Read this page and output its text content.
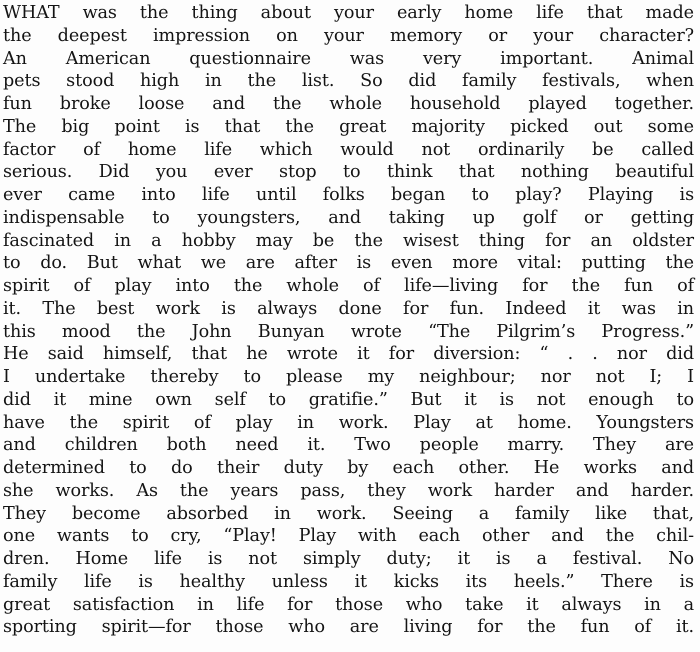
WHAT was the thing about your early home life that made
the deepest impression on your memory or your character?
An American questionnaire was very important. Animal
pets stood high in the list. So did family festivals, when
fun broke loose and the whole household played together.
The big point is that the great majority picked out some
factor of home life which would not ordinarily be called
serious. Did you ever stop to think that nothing beautiful
ever came into life until folks began to play? Playing is
indispensable to youngsters, and taking up golf or getting
fascinated in a hobby may be the wisest thing for an oldster
to do. But what we are after is even more vital: putting the
spirit of play into the whole of life—living for the fun of
it. The best work is always done for fun. Indeed it was in
this mood the John Bunyan wrote “The Pilgrim’s Progress.”
He said himself, that he wrote it for diversion: “ . . nor did
I undertake thereby to please my neighbour; nor not I; I
did it mine own self to gratifie.” But it is not enough to
have the spirit of play in work. Play at home. Youngsters
and children both need it. Two people marry. They are
determined to do their duty by each other. He works and
she works. As the years pass, they work harder and harder.
They become absorbed in work. Seeing a family like that,
one wants to cry, “Play! Play with each other and the chil-
dren. Home life is not simply duty; it is a festival. No
family life is healthy unless it kicks its heels.” There is
great satisfaction in life for those who take it always in a
sporting spirit—for those who are living for the fun of it.
